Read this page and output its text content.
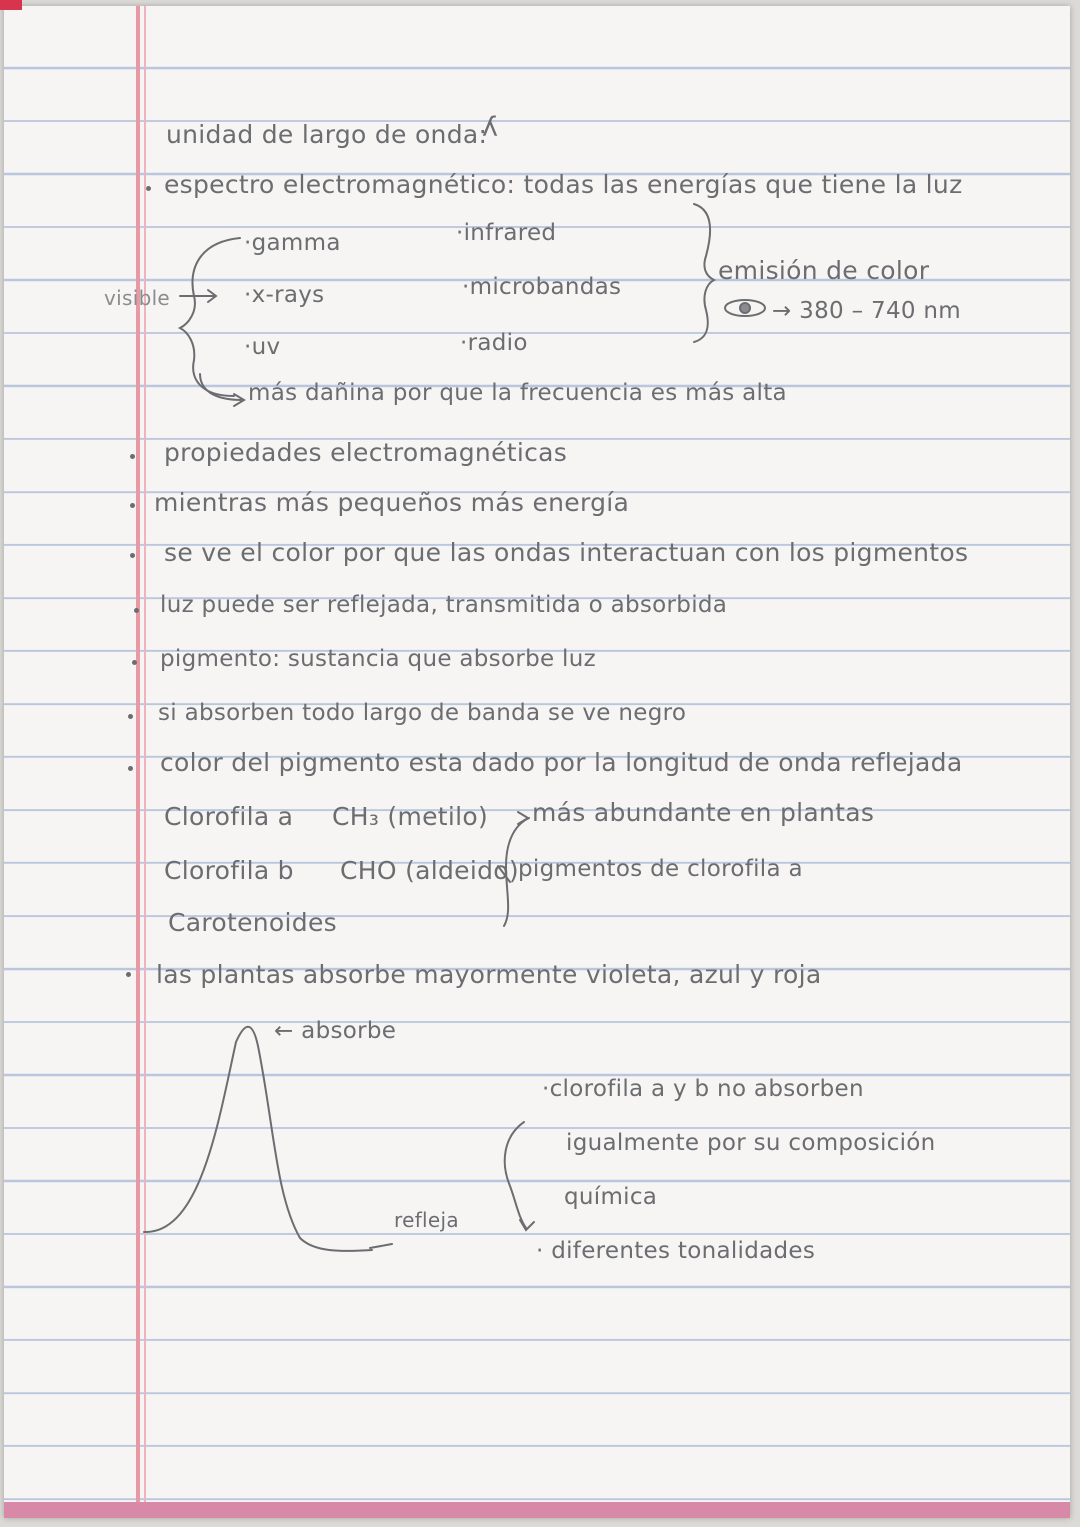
unidad de largo de onda:
ʎ
espectro electromagnético: todas las energías que tiene la luz
visible
·gamma
·x-rays
·uv
·infrared
·microbandas
·radio
emisión de color
→ 380 – 740 nm
más dañina por que la frecuencia es más alta
propiedades electromagnéticas
mientras más pequeños más energía
se ve el color por que las ondas interactuan con los pigmentos
luz puede ser reflejada, transmitida o absorbida
pigmento: sustancia que absorbe luz
si absorben todo largo de banda se ve negro
color del pigmento esta dado por la longitud de onda reflejada
Clorofila a CH₃ (metilo) más abundante en plantas
Clorofila b CHO (aldeido) pigmentos de clorofila a
Carotenoides
las plantas absorbe mayormente violeta, azul y roja
← absorbe
refleja
·clorofila a y b no absorben
igualmente por su composición
química
· diferentes tonalidades
